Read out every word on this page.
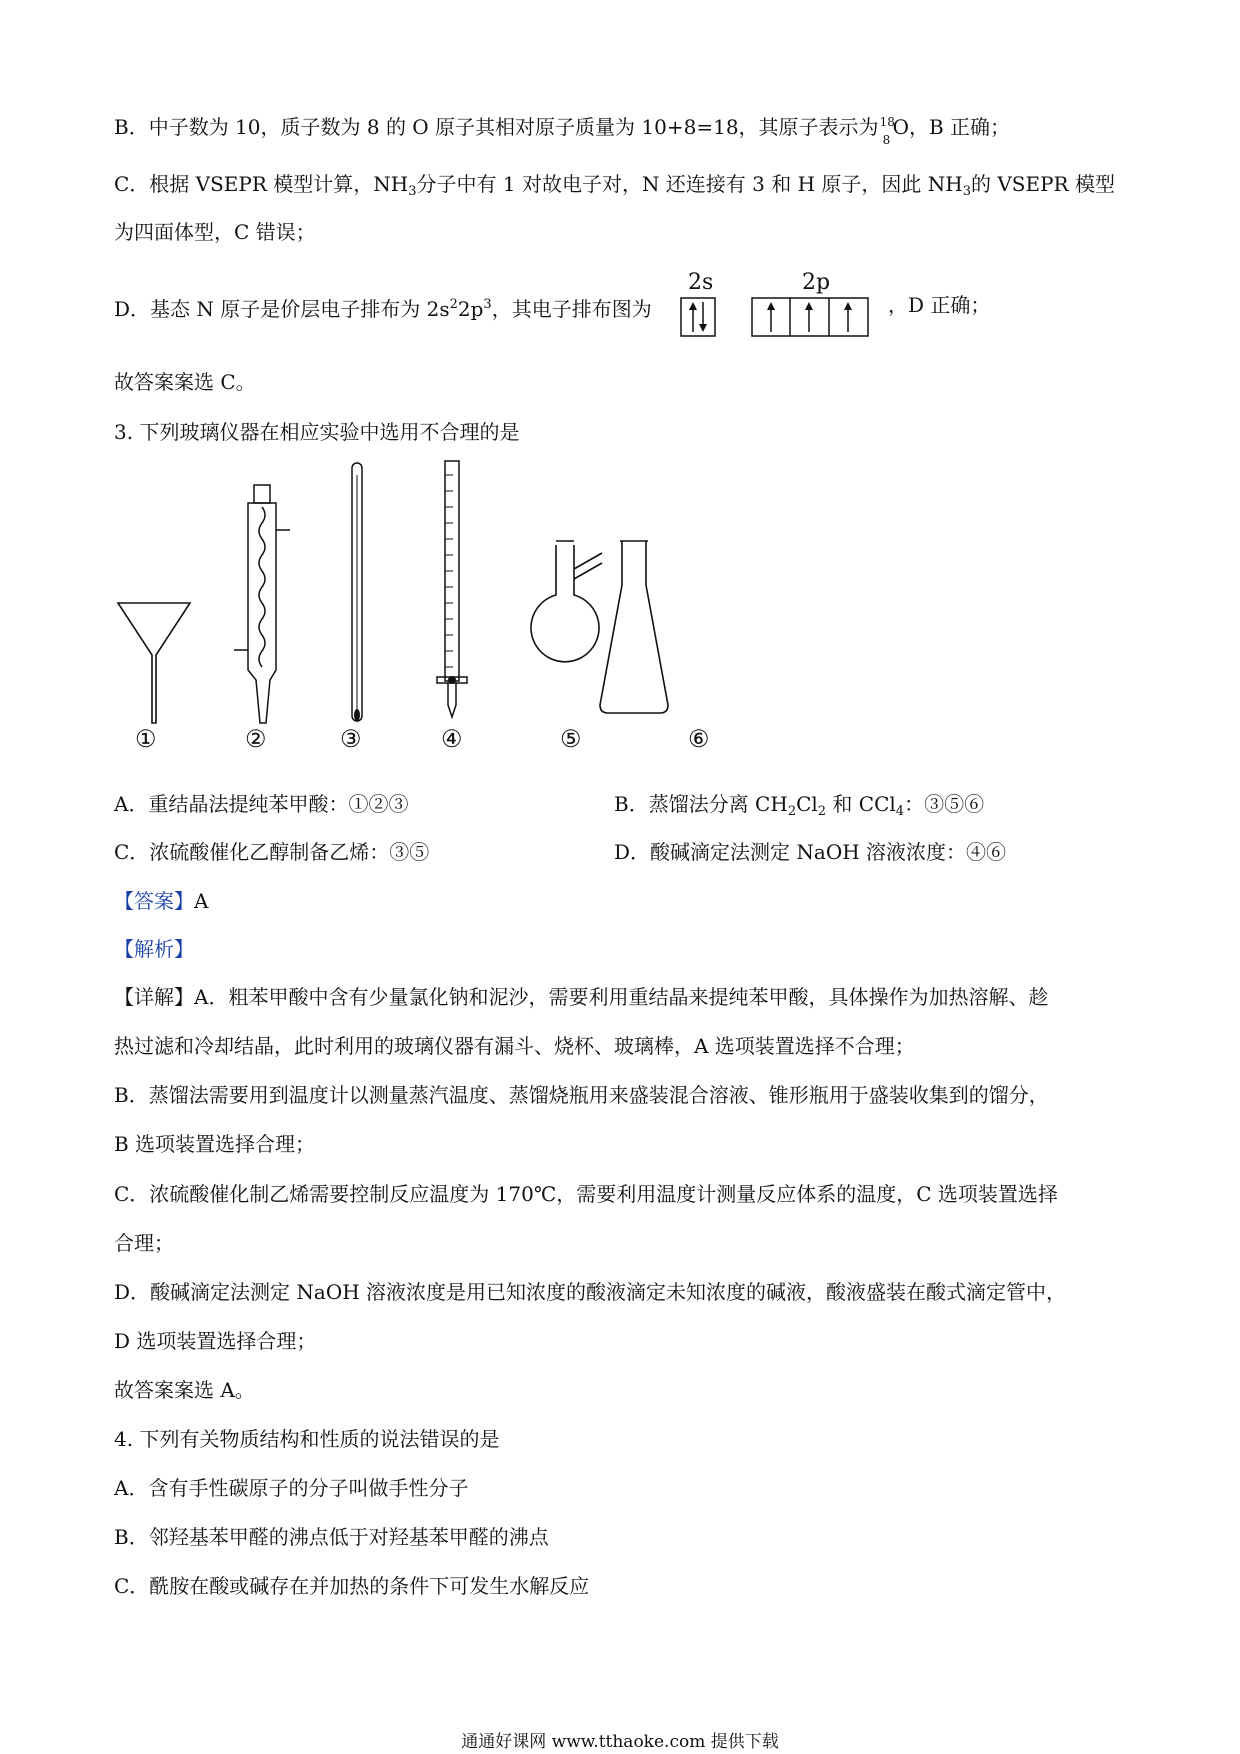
B．中子数为 10，质子数为 8 的 O 原子其相对原子质量为 10+8=18，其原子表示为 18
8
O，B 正确；
C．根据 VSEPR 模型计算，$NH_3$分子中有 1 对故电子对，N 还连接有 3 和 H 原子，因此 $NH_3$的 VSEPR 模型
为四面体型，C 错误；
D．基态 N 原子是价层电子排布为 $2s^22p^3$，其电子排布图为
2s	2p
，D 正确；
故答案案选 C。
3. 下列玻璃仪器在相应实验中选用不合理的是
①	②	③	④	⑤	⑥
A．重结晶法提纯苯甲酸：①②③	B．蒸馏法分离 $CH_2Cl_2$ 和 CCl$_4$：③⑤⑥
C．浓硫酸催化乙醇制备乙烯：③⑤	D．酸碱滴定法测定 NaOH 溶液浓度：④⑥
【答案】A
【解析】
【详解】A．粗苯甲酸中含有少量氯化钠和泥沙，需要利用重结晶来提纯苯甲酸，具体操作为加热溶解、趁
热过滤和冷却结晶，此时利用的玻璃仪器有漏斗、烧杯、玻璃棒，A 选项装置选择不合理；
B．蒸馏法需要用到温度计以测量蒸汽温度、蒸馏烧瓶用来盛装混合溶液、锥形瓶用于盛装收集到的馏分，
B 选项装置选择合理；
C．浓硫酸催化制乙烯需要控制反应温度为 170℃，需要利用温度计测量反应体系的温度，C 选项装置选择
合理；
D．酸碱滴定法测定 NaOH 溶液浓度是用已知浓度的酸液滴定未知浓度的碱液，酸液盛装在酸式滴定管中，
D 选项装置选择合理；
故答案案选 A。
4. 下列有关物质结构和性质的说法错误的是
A．含有手性碳原子的分子叫做手性分子
B．邻羟基苯甲醛的沸点低于对羟基苯甲醛的沸点
C．酰胺在酸或碱存在并加热的条件下可发生水解反应
通通好课网 www.tthaoke.com 提供下载
